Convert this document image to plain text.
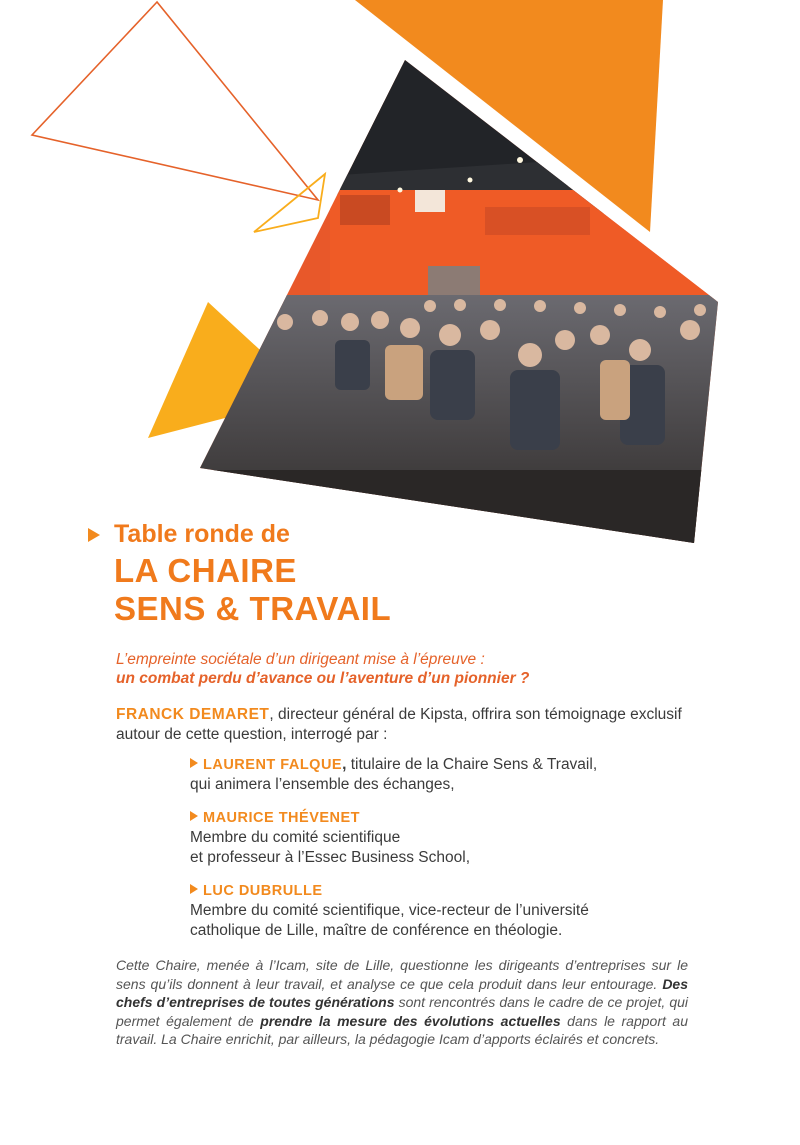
Table ronde de
LA CHAIRE
SENS & TRAVAIL
L’empreinte sociétale d’un dirigeant mise à l’épreuve :
un combat perdu d’avance ou l’aventure d’un pionnier ?
FRANCK DEMARET, directeur général de Kipsta, offrira son témoignage exclusif autour de cette question, interrogé par :
LAURENT FALQUE, titulaire de la Chaire Sens & Travail,
qui animera l’ensemble des échanges,
MAURICE THÉVENET
Membre du comité scientifique
et professeur à l’Essec Business School,
LUC DUBRULLE
Membre du comité scientifique, vice-recteur de l’université
catholique de Lille, maître de conférence en théologie.
Cette Chaire, menée à l’Icam, site de Lille, questionne les dirigeants d’entreprises sur le sens qu’ils donnent à leur travail, et analyse ce que cela produit dans leur entourage. Des chefs d’entreprises de toutes générations sont rencontrés dans le cadre de ce projet, qui permet également de prendre la mesure des évolutions actuelles dans le rapport au travail. La Chaire enrichit, par ailleurs, la pédagogie Icam d’apports éclairés et concrets.
